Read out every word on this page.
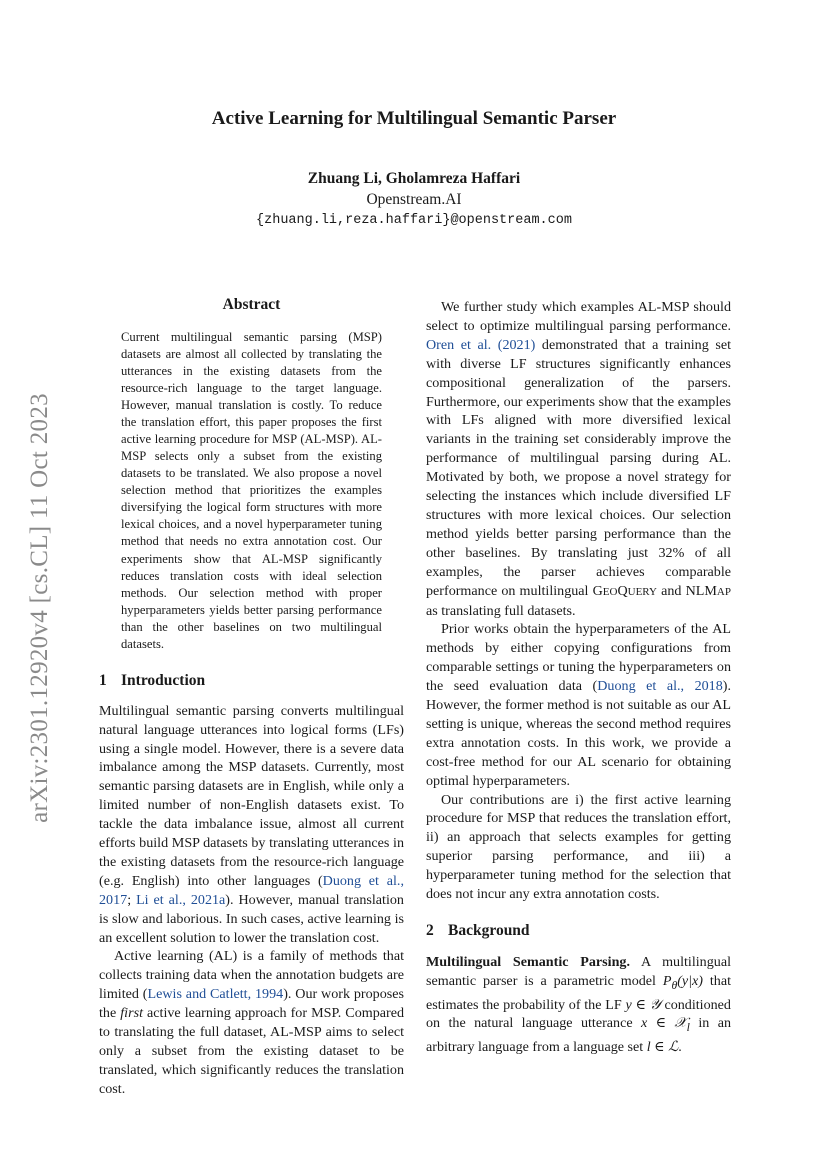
arXiv:2301.12920v4 [cs.CL] 11 Oct 2023
Active Learning for Multilingual Semantic Parser
Zhuang Li, Gholamreza Haffari
Openstream.AI
{zhuang.li,reza.haffari}@openstream.com
Abstract

Current multilingual semantic parsing (MSP) datasets are almost all collected by translating the utterances in the existing datasets from the resource-rich language to the target language. However, manual translation is costly. To reduce the translation effort, this paper proposes the first active learning procedure for MSP (AL-MSP). AL-MSP selects only a subset from the existing datasets to be translated. We also propose a novel selection method that prioritizes the examples diversifying the logical form structures with more lexical choices, and a novel hyperparameter tuning method that needs no extra annotation cost. Our experiments show that AL-MSP significantly reduces translation costs with ideal selection methods. Our selection method with proper hyperparameters yields better parsing performance than the other baselines on two multilingual datasets.

1 Introduction

Multilingual semantic parsing converts multilingual natural language utterances into logical forms (LFs) using a single model. However, there is a severe data imbalance among the MSP datasets. Currently, most semantic parsing datasets are in English, while only a limited number of non-English datasets exist. To tackle the data imbalance issue, almost all current efforts build MSP datasets by translating utterances in the existing datasets from the resource-rich language (e.g. English) into other languages (Duong et al., 2017; Li et al., 2021a). However, manual translation is slow and laborious. In such cases, active learning is an excellent solution to lower the translation cost.

Active learning (AL) is a family of methods that collects training data when the annotation budgets are limited (Lewis and Catlett, 1994). Our work proposes the first active learning approach for MSP. Compared to translating the full dataset, AL-MSP aims to select only a subset from the existing dataset to be translated, which significantly reduces the translation cost.

We further study which examples AL-MSP should select to optimize multilingual parsing performance. Oren et al. (2021) demonstrated that a training set with diverse LF structures significantly enhances compositional generalization of the parsers. Furthermore, our experiments show that the examples with LFs aligned with more diversified lexical variants in the training set considerably improve the performance of multilingual parsing during AL. Motivated by both, we propose a novel strategy for selecting the instances which include diversified LF structures with more lexical choices. Our selection method yields better parsing performance than the other baselines. By translating just 32% of all examples, the parser achieves comparable performance on multilingual GEOQUERY and NLMAP as translating full datasets.

Prior works obtain the hyperparameters of the AL methods by either copying configurations from comparable settings or tuning the hyperparameters on the seed evaluation data (Duong et al., 2018). However, the former method is not suitable as our AL setting is unique, whereas the second method requires extra annotation costs. In this work, we provide a cost-free method for our AL scenario for obtaining optimal hyperparameters.

Our contributions are i) the first active learning procedure for MSP that reduces the translation effort, ii) an approach that selects examples for getting superior parsing performance, and iii) a hyperparameter tuning method for the selection that does not incur any extra annotation costs.

2 Background

Multilingual Semantic Parsing. A multilingual semantic parser is a parametric model $P_\theta(y|x)$ that estimates the probability of the LF y ∈ 𝒴 conditioned on the natural language utterance x ∈ 𝒳$_l$ in an arbitrary language from a language set l ∈ ℒ.
